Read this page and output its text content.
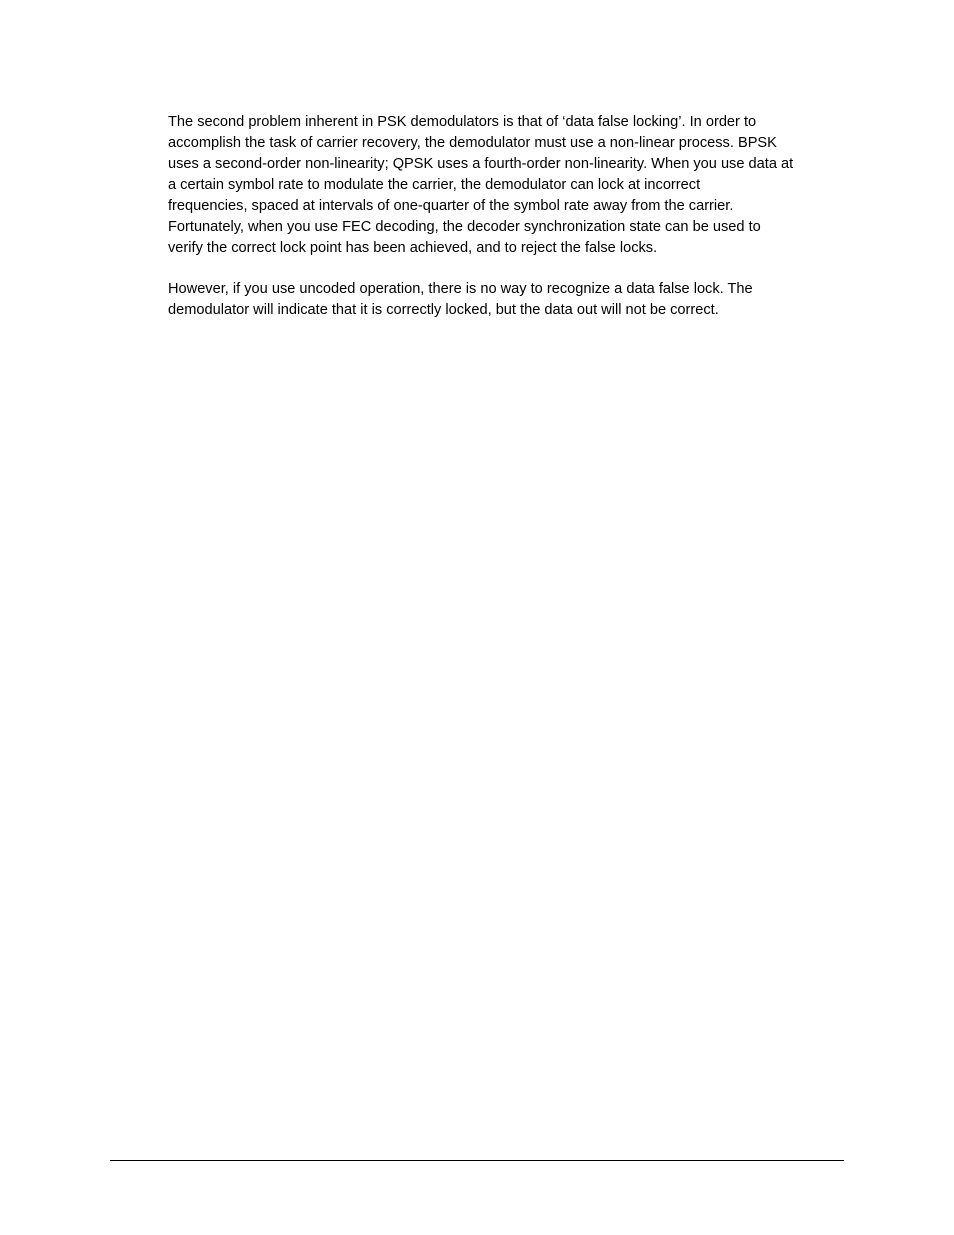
The second problem inherent in PSK demodulators is that of ‘data false locking’. In order to
accomplish the task of carrier recovery, the demodulator must use a non-linear process. BPSK
uses a second-order non-linearity; QPSK uses a fourth-order non-linearity. When you use data at
a certain symbol rate to modulate the carrier, the demodulator can lock at incorrect
frequencies, spaced at intervals of one-quarter of the symbol rate away from the carrier.
Fortunately, when you use FEC decoding, the decoder synchronization state can be used to
verify the correct lock point has been achieved, and to reject the false locks.

However, if you use uncoded operation, there is no way to recognize a data false lock. The
demodulator will indicate that it is correctly locked, but the data out will not be correct.
